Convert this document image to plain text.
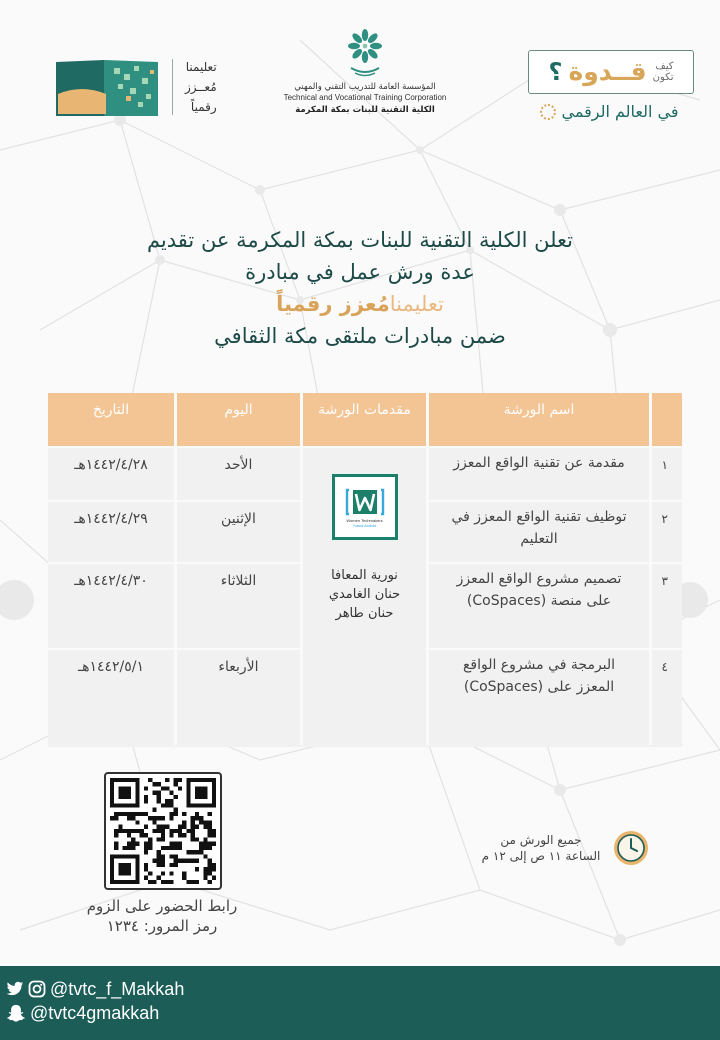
كيف
تكون
قــدوة
؟
في العالم الرقمي
المؤسسة العامة للتدريب التقني والمهني
Technical and Vocational Training Corporation
الكلية التقنية للبنات بمكة المكرمة
تعليمنا
مُعــزز
رقمياً
تعلن الكلية التقنية للبنات بمكة المكرمة عن تقديم
عدة ورش عمل في مبادرة
تعليمنامُعزز رقمياً
ضمن مبادرات ملتقى مكة الثقافي
	اسم الورشة	مقدمات الورشة	اليوم	التاريخ
١	مقدمة عن تقنية الواقع المعزز	Women Techmakers
Saudi Arabia
نورية المعافا
حنان الغامدي
حنان طاهر	الأحد	١٤٤٢/٤/٢٨هـ
٢	توظيف تقنية الواقع المعزز في التعليم		الإثنين	١٤٤٢/٤/٢٩هـ
٣	تصميم مشروع الواقع المعزز على منصة (CoSpaces)		الثلاثاء	١٤٤٢/٤/٣٠هـ
٤	البرمجة في مشروع الواقع المعزز على (CoSpaces)		الأربعاء	١٤٤٢/٥/١هـ
رابط الحضور على الزوم
رمز المرور: ١٢٣٤
جميع الورش من
الساعة ١١ ص إلى ١٢ م
@tvtc_f_Makkah
@tvtc4gmakkah
